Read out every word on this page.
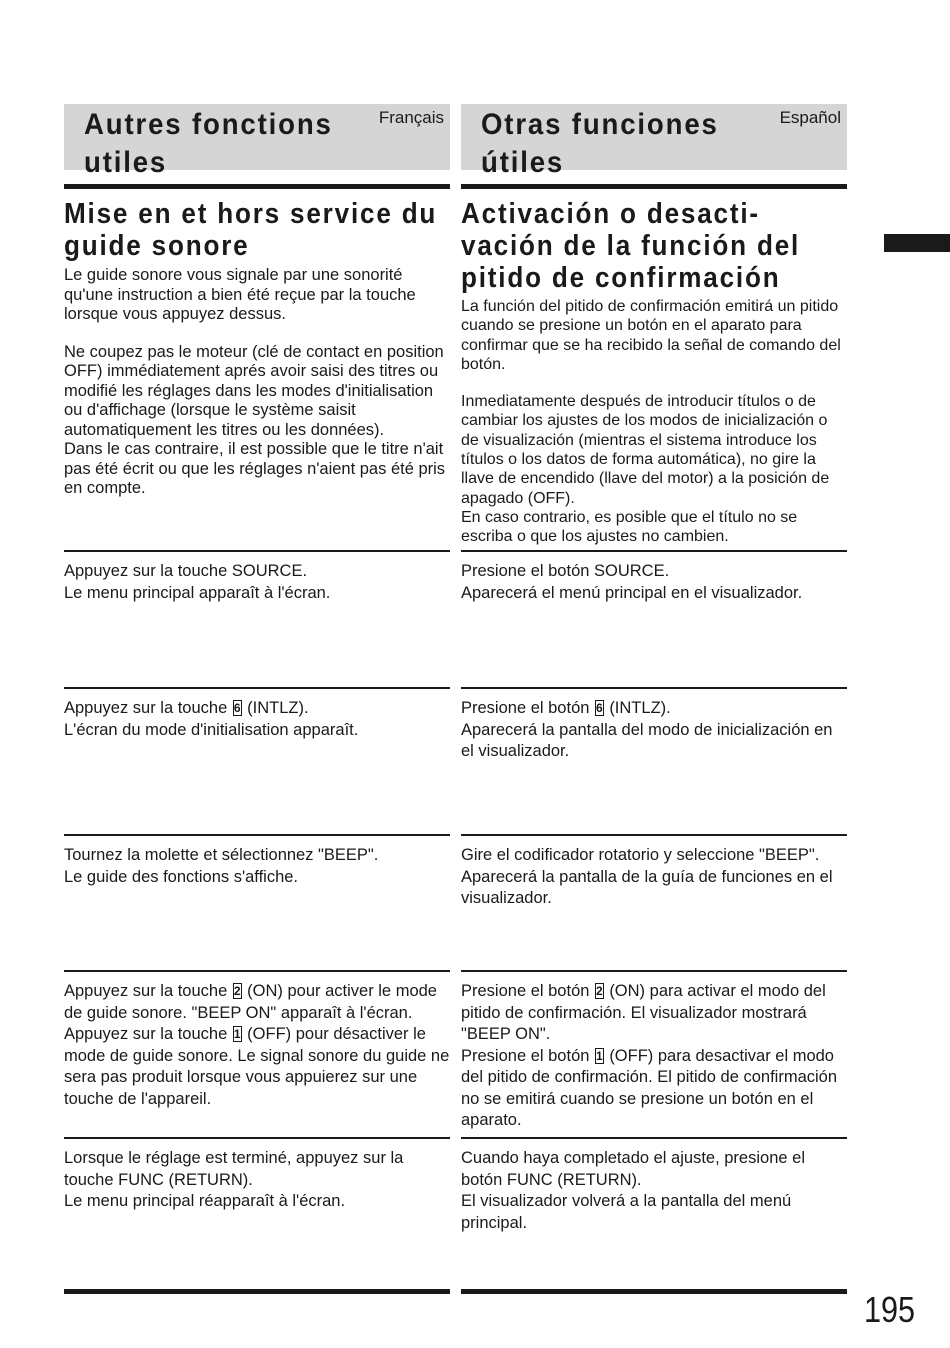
Autres fonctions utiles
Français
Mise en et hors service du guide sonore

Le guide sonore vous signale par une sonorité qu'une instruction a bien été reçue par la touche lorsque vous appuyez dessus.

Ne coupez pas le moteur (clé de contact en position OFF) immédiatement aprés avoir saisi des titres ou modifié les réglages dans les modes d'initialisation ou d'affichage (lorsque le système saisit automatiquement les titres ou les données).

Dans le cas contraire, il est possible que le titre n'ait pas été écrit ou que les réglages n'aient pas été pris en compte.

Appuyez sur la touche SOURCE.
Le menu principal apparaît à l'écran.
Appuyez sur la touche 6 (INTLZ).
L'écran du mode d'initialisation apparaît.
Tournez la molette et sélectionnez "BEEP".
Le guide des fonctions s'affiche.
Appuyez sur la touche 2 (ON) pour activer le mode de guide sonore. "BEEP ON" apparaît à l'écran.
Appuyez sur la touche 1 (OFF) pour désactiver le mode de guide sonore. Le signal sonore du guide ne sera pas produit lorsque vous appuierez sur une touche de l'appareil.
Lorsque le réglage est terminé, appuyez sur la touche FUNC (RETURN).
Le menu principal réapparaît à l'écran.
Otras funciones útiles
Español
Activación o desacti-
vación de la función del
pitido de confirmación

La función del pitido de confirmación emitirá un pitido cuando se presione un botón en el aparato para confirmar que se ha recibido la señal de comando del botón.

Inmediatamente después de introducir títulos o de cambiar los ajustes de los modos de inicialización o de visualización (mientras el sistema introduce los títulos o los datos de forma automática), no gire la llave de encendido (llave del motor) a la posición de apagado (OFF).

En caso contrario, es posible que el título no se escriba o que los ajustes no cambien.

Presione el botón SOURCE.
Aparecerá el menú principal en el visualizador.
Presione el botón 6 (INTLZ).
Aparecerá la pantalla del modo de inicialización en el visualizador.
Gire el codificador rotatorio y seleccione "BEEP".
Aparecerá la pantalla de la guía de funciones en el visualizador.
Presione el botón 2 (ON) para activar el modo del pitido de confirmación. El visualizador mostrará "BEEP ON".
Presione el botón 1 (OFF) para desactivar el modo del pitido de confirmación. El pitido de confirmación no se emitirá cuando se presione un botón en el aparato.
Cuando haya completado el ajuste, presione el botón FUNC (RETURN).
El visualizador volverá a la pantalla del menú principal.
195
